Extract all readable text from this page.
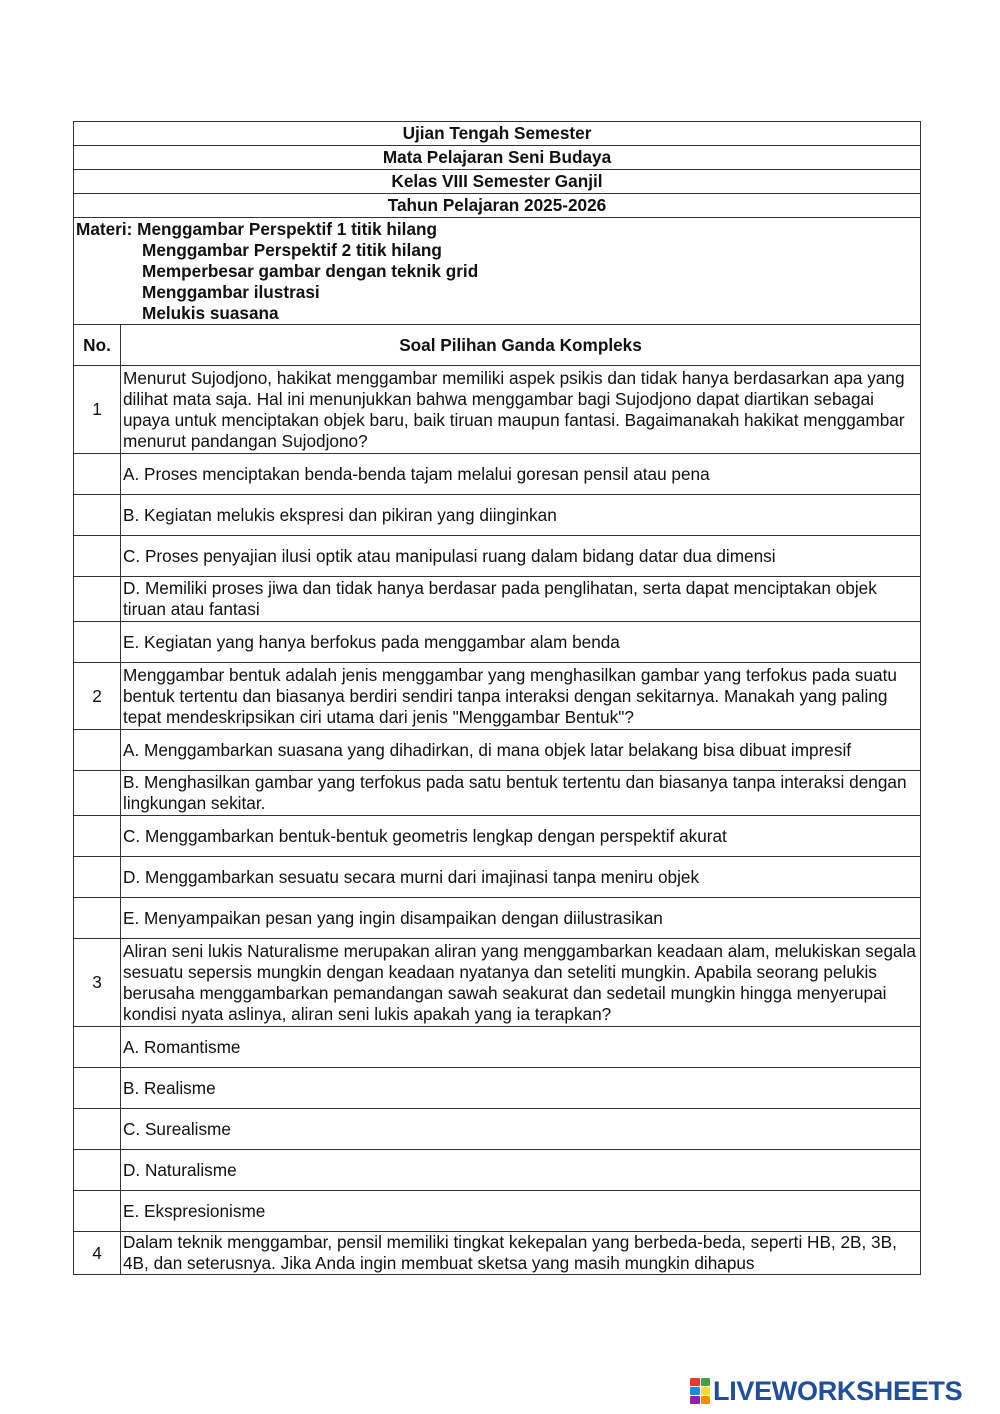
Ujian Tengah Semester	
Mata Pelajaran Seni Budaya	
Kelas VIII Semester Ganjil	
Tahun Pelajaran 2025-2026	

Materi: Menggambar Perspektif 1 titik hilang
Menggambar Perspektif 2 titik hilang
Memperbesar gambar dengan teknik grid
Menggambar ilustrasi
Melukis suasana	

No.	Soal Pilihan Ganda Kompleks
1	Menurut Sujodjono, hakikat menggambar memiliki aspek psikis dan tidak hanya berdasarkan apa yang dilihat mata saja. Hal ini menunjukkan bahwa menggambar bagi Sujodjono dapat diartikan sebagai upaya untuk menciptakan objek baru, baik tiruan maupun fantasi. Bagaimanakah hakikat menggambar menurut pandangan Sujodjono?
	A. Proses menciptakan benda-benda tajam melalui goresan pensil atau pena
	B. Kegiatan melukis ekspresi dan pikiran yang diinginkan
	C. Proses penyajian ilusi optik atau manipulasi ruang dalam bidang datar dua dimensi
	D. Memiliki proses jiwa dan tidak hanya berdasar pada penglihatan, serta dapat menciptakan objek tiruan atau fantasi
	E. Kegiatan yang hanya berfokus pada menggambar alam benda
2	Menggambar bentuk adalah jenis menggambar yang menghasilkan gambar yang terfokus pada suatu bentuk tertentu dan biasanya berdiri sendiri tanpa interaksi dengan sekitarnya. Manakah yang paling tepat mendeskripsikan ciri utama dari jenis "Menggambar Bentuk"?
	A. Menggambarkan suasana yang dihadirkan, di mana objek latar belakang bisa dibuat impresif
	B. Menghasilkan gambar yang terfokus pada satu bentuk tertentu dan biasanya tanpa interaksi dengan lingkungan sekitar.
	C. Menggambarkan bentuk-bentuk geometris lengkap dengan perspektif akurat
	D. Menggambarkan sesuatu secara murni dari imajinasi tanpa meniru objek
	E. Menyampaikan pesan yang ingin disampaikan dengan diilustrasikan
3	Aliran seni lukis Naturalisme merupakan aliran yang menggambarkan keadaan alam, melukiskan segala sesuatu sepersis mungkin dengan keadaan nyatanya dan seteliti mungkin. Apabila seorang pelukis berusaha menggambarkan pemandangan sawah seakurat dan sedetail mungkin hingga menyerupai kondisi nyata aslinya, aliran seni lukis apakah yang ia terapkan?
	A. Romantisme
	B. Realisme
	C. Surealisme
	D. Naturalisme
	E. Ekspresionisme
4	Dalam teknik menggambar, pensil memiliki tingkat kekepalan yang berbeda-beda, seperti HB, 2B, 3B, 4B, dan seterusnya. Jika Anda ingin membuat sketsa yang masih mungkin dihapus
LIVEWORKSHEETS
